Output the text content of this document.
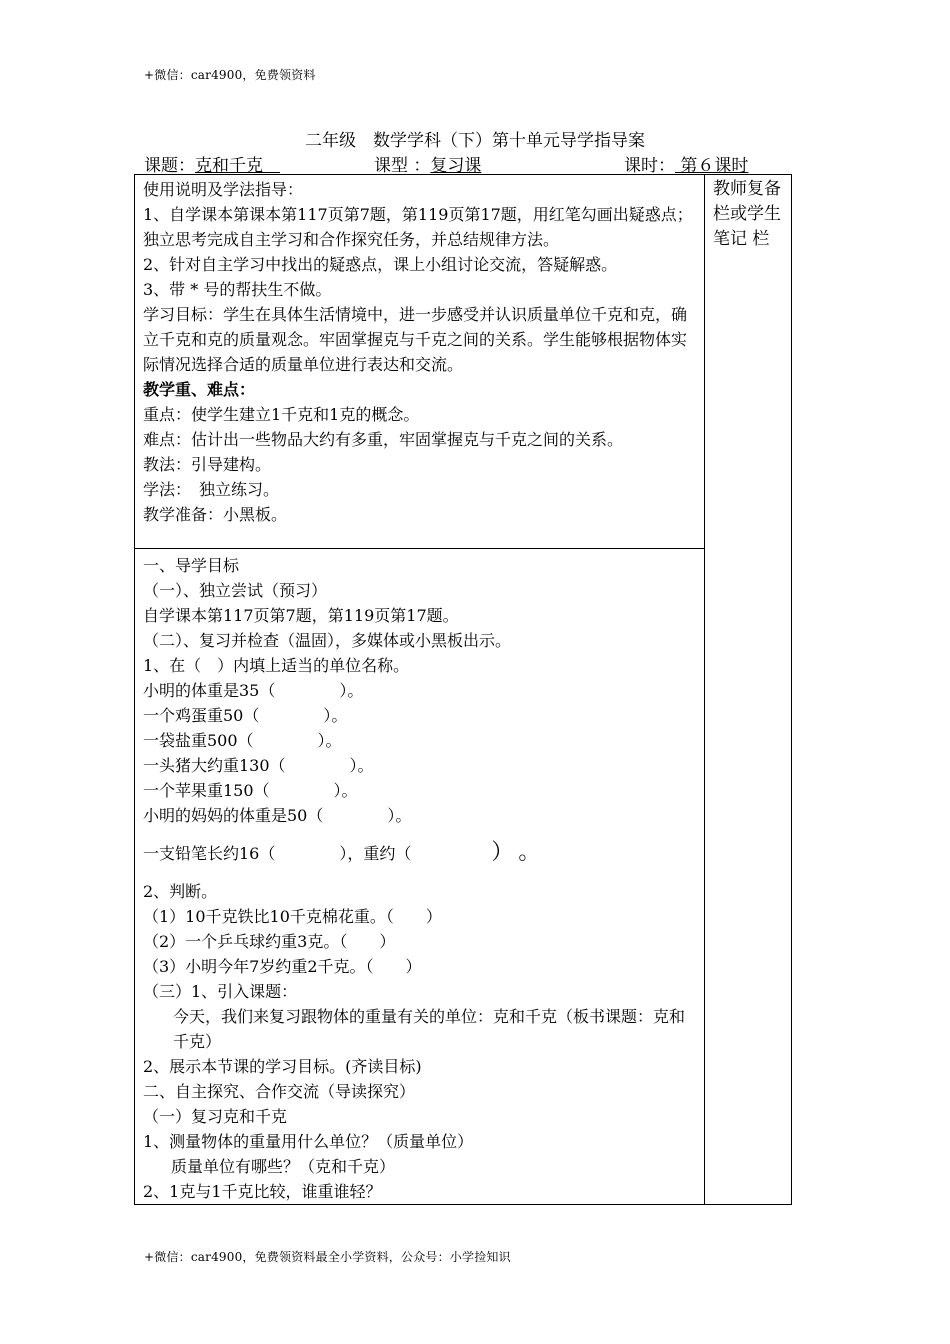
+微信：car4900，免费领资料
二年级　数学学科（下）第十单元导学指导案
课题：克和千克　	课型 ：复习课	课时： 第６课时

使用说明及学法指导：

1、自学课本第课本第117页第7题，第119页第17题，用红笔勾画出疑惑点；独立思考完成自主学习和合作探究任务，并总结规律方法。

2、针对自主学习中找出的疑惑点，课上小组讨论交流，答疑解惑。

3、带 * 号的帮扶生不做。

学习目标：学生在具体生活情境中，进一步感受并认识质量单位千克和克，确立千克和克的质量观念。牢固掌握克与千克之间的关系。学生能够根据物体实际情况选择合适的质量单位进行表达和交流。

教学重、难点：

重点：使学生建立1千克和1克的概念。

难点：估计出一些物品大约有多重，牢固掌握克与千克之间的关系。

教法：引导建构。

学法：　独立练习。

教学准备：小黑板。

教师复备栏或学生笔记 栏

一、导学目标

（一）、独立尝试（预习）

自学课本第117页第7题，第119页第17题。

（二）、复习并检查（温固），多媒体或小黑板出示。

1、在（　）内填上适当的单位名称。

小明的体重是35（　　　　）。

一个鸡蛋重50（　　　　）。

一袋盐重500（　　　　）。

一头猪大约重130（　　　　）。

一个苹果重150（　　　　）。

小明的妈妈的体重是50（　　　　）。

一支铅笔长约16（　　　　），重约（　　　　　）　 。

2、判断。

（1）10千克铁比10千克棉花重。（　　）

（2）一个乒乓球约重3克。（　　）

（3）小明今年7岁约重2千克。（　　）

（三）1、引入课题：

今天，我们来复习跟物体的重量有关的单位：克和千克（板书课题：克和千克）

2、展示本节课的学习目标。(齐读目标)

二、自主探究、合作交流（导读探究）

（一）复习克和千克

1、测量物体的重量用什么单位？（质量单位）

质量单位有哪些？（克和千克）

2、1克与1千克比较，谁重谁轻？

+微信：car4900，免费领资料最全小学资料，公众号：小学捡知识
